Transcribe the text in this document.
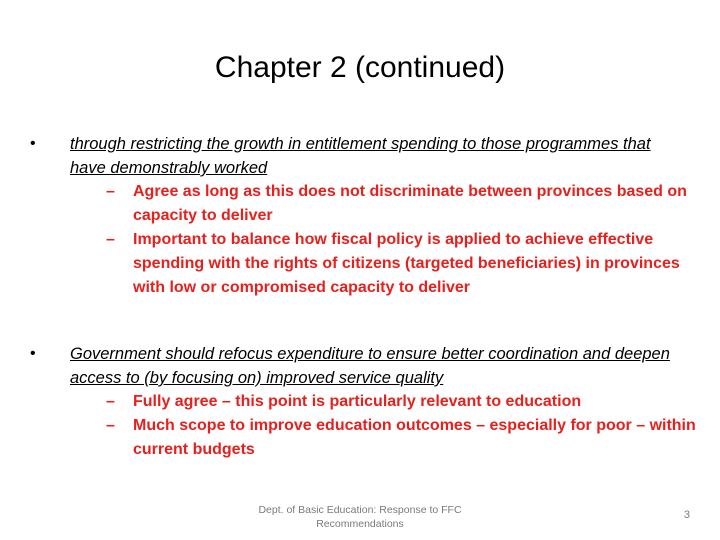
Chapter 2 (continued)
• through restricting the growth in entitlement spending to those programmes that have demonstrably worked
– Agree as long as this does not discriminate between provinces based on capacity to deliver
– Important to balance how fiscal policy is applied to achieve effective spending with the rights of citizens (targeted beneficiaries) in provinces with low or compromised capacity to deliver
• Government should refocus expenditure to ensure better coordination and deepen access to (by focusing on) improved service quality
– Fully agree – this point is particularly relevant to education
– Much scope to improve education outcomes – especially for poor – within current budgets
Dept. of Basic Education: Response to FFC Recommendations
3
